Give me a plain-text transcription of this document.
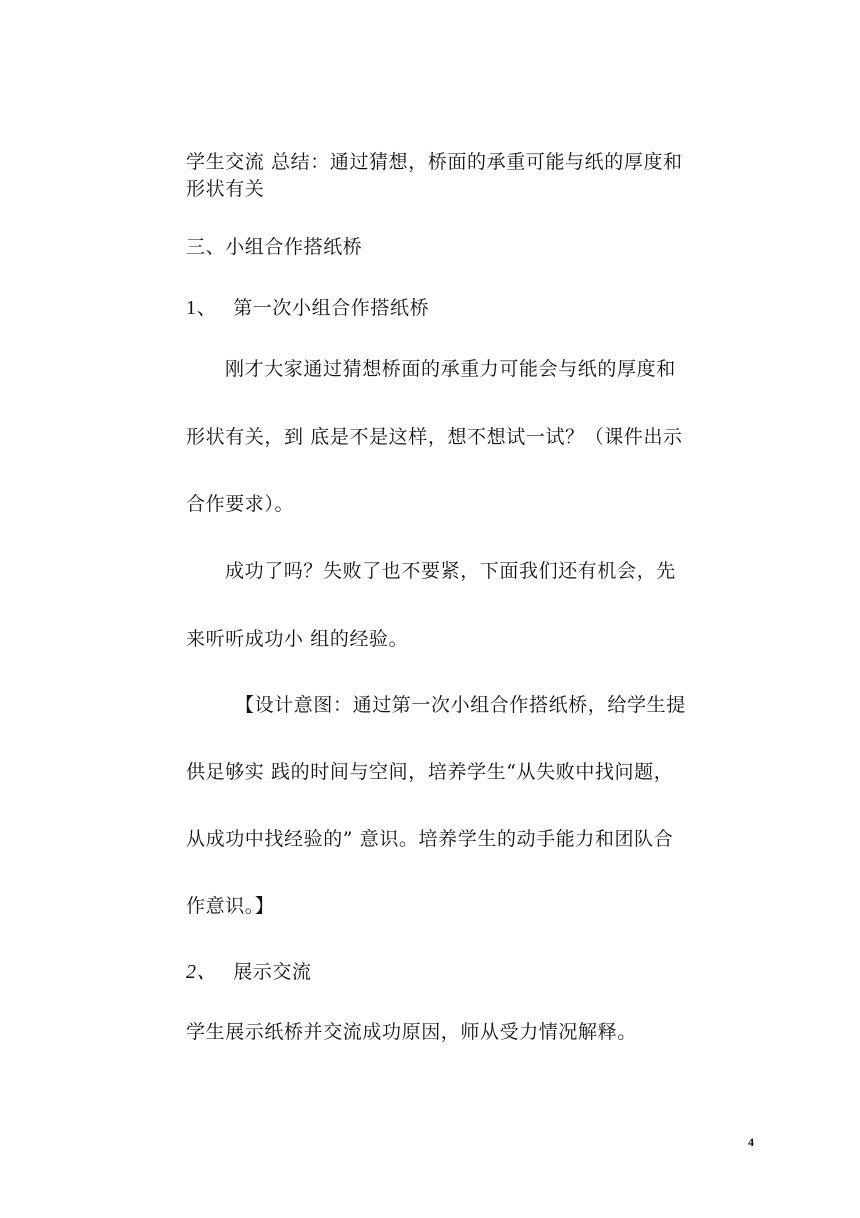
学生交流 总结：通过猜想，桥面的承重可能与纸的厚度和
形状有关
三、小组合作搭纸桥
1、 第一次小组合作搭纸桥
刚才大家通过猜想桥面的承重力可能会与纸的厚度和
形状有关，到 底是不是这样，想不想试一试？（课件出示
合作要求）。
成功了吗？失败了也不要紧，下面我们还有机会，先
来听听成功小 组的经验。
【设计意图：通过第一次小组合作搭纸桥，给学生提
供足够实 践的时间与空间，培养学生“从失败中找问题，
从成功中找经验的” 意识。培养学生的动手能力和团队合
作意识。】
2、 展示交流
学生展示纸桥并交流成功原因，师从受力情况解释。
4
